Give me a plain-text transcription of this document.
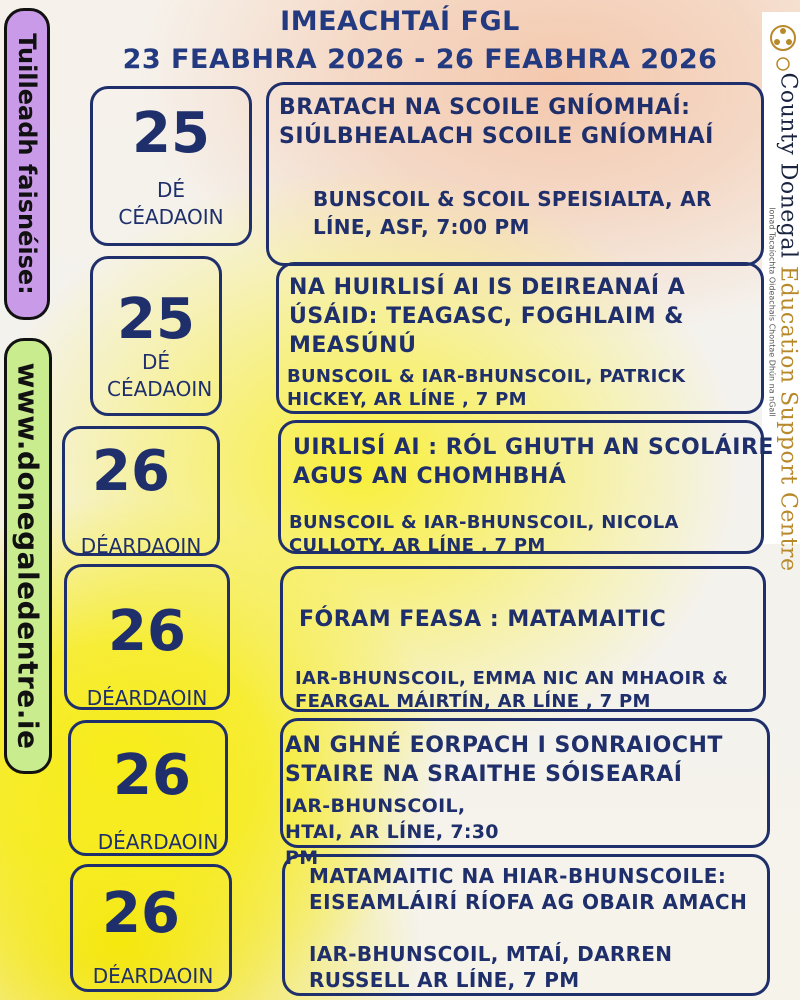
IMEACHTAÍ FGL
23 FEABHRA 2026 - 26 FEABHRA 2026
Tuilleadh faisnéise:
www.donegaledentre.ie
lonad Tacaíochta Oideachais Chontae Dhún na nGall
County Donegal Education Support Centre
25
DÉ CÉADAOIN
BRATACH NA SCOILE GNÍOMHAÍ: SIÚLBHEALACH SCOILE GNÍOMHAÍ
BUNSCOIL & SCOIL SPEISIALTA, AR LÍNE, ASF, 7:00 PM
25
DÉ CÉADAOIN
NA HUIRLISÍ AI IS DEIREANAÍ A ÚSÁID: TEAGASC, FOGHLAIM & MEASÚNÚ
BUNSCOIL & IAR-BHUNSCOIL, PATRICK HICKEY, AR LÍNE , 7 PM
26
DÉARDAOIN
UIRLISÍ AI : RÓL GHUTH AN SCOLÁIRE AGUS AN CHOMHBHÁ
BUNSCOIL & IAR-BHUNSCOIL, NICOLA CULLOTY, AR LÍNE , 7 PM
26
DÉARDAOIN
FÓRAM FEASA : MATAMAITIC
IAR-BHUNSCOIL, EMMA NIC AN MHAOIR & FEARGAL MÁIRTÍN, AR LÍNE , 7 PM
26
DÉARDAOIN
AN GHNÉ EORPACH I SONRAIOCHT STAIRE NA SRAITHE SÓISEARAÍ
IAR-BHUNSCOIL, HTAI, AR LÍNE, 7:30 PM
26
DÉARDAOIN
MATAMAITIC NA HIAR-BHUNSCOILE: EISEAMLÁIRÍ RÍOFA AG OBAIR AMACH
IAR-BHUNSCOIL, MTAÍ, DARREN RUSSELL AR LÍNE, 7 PM
